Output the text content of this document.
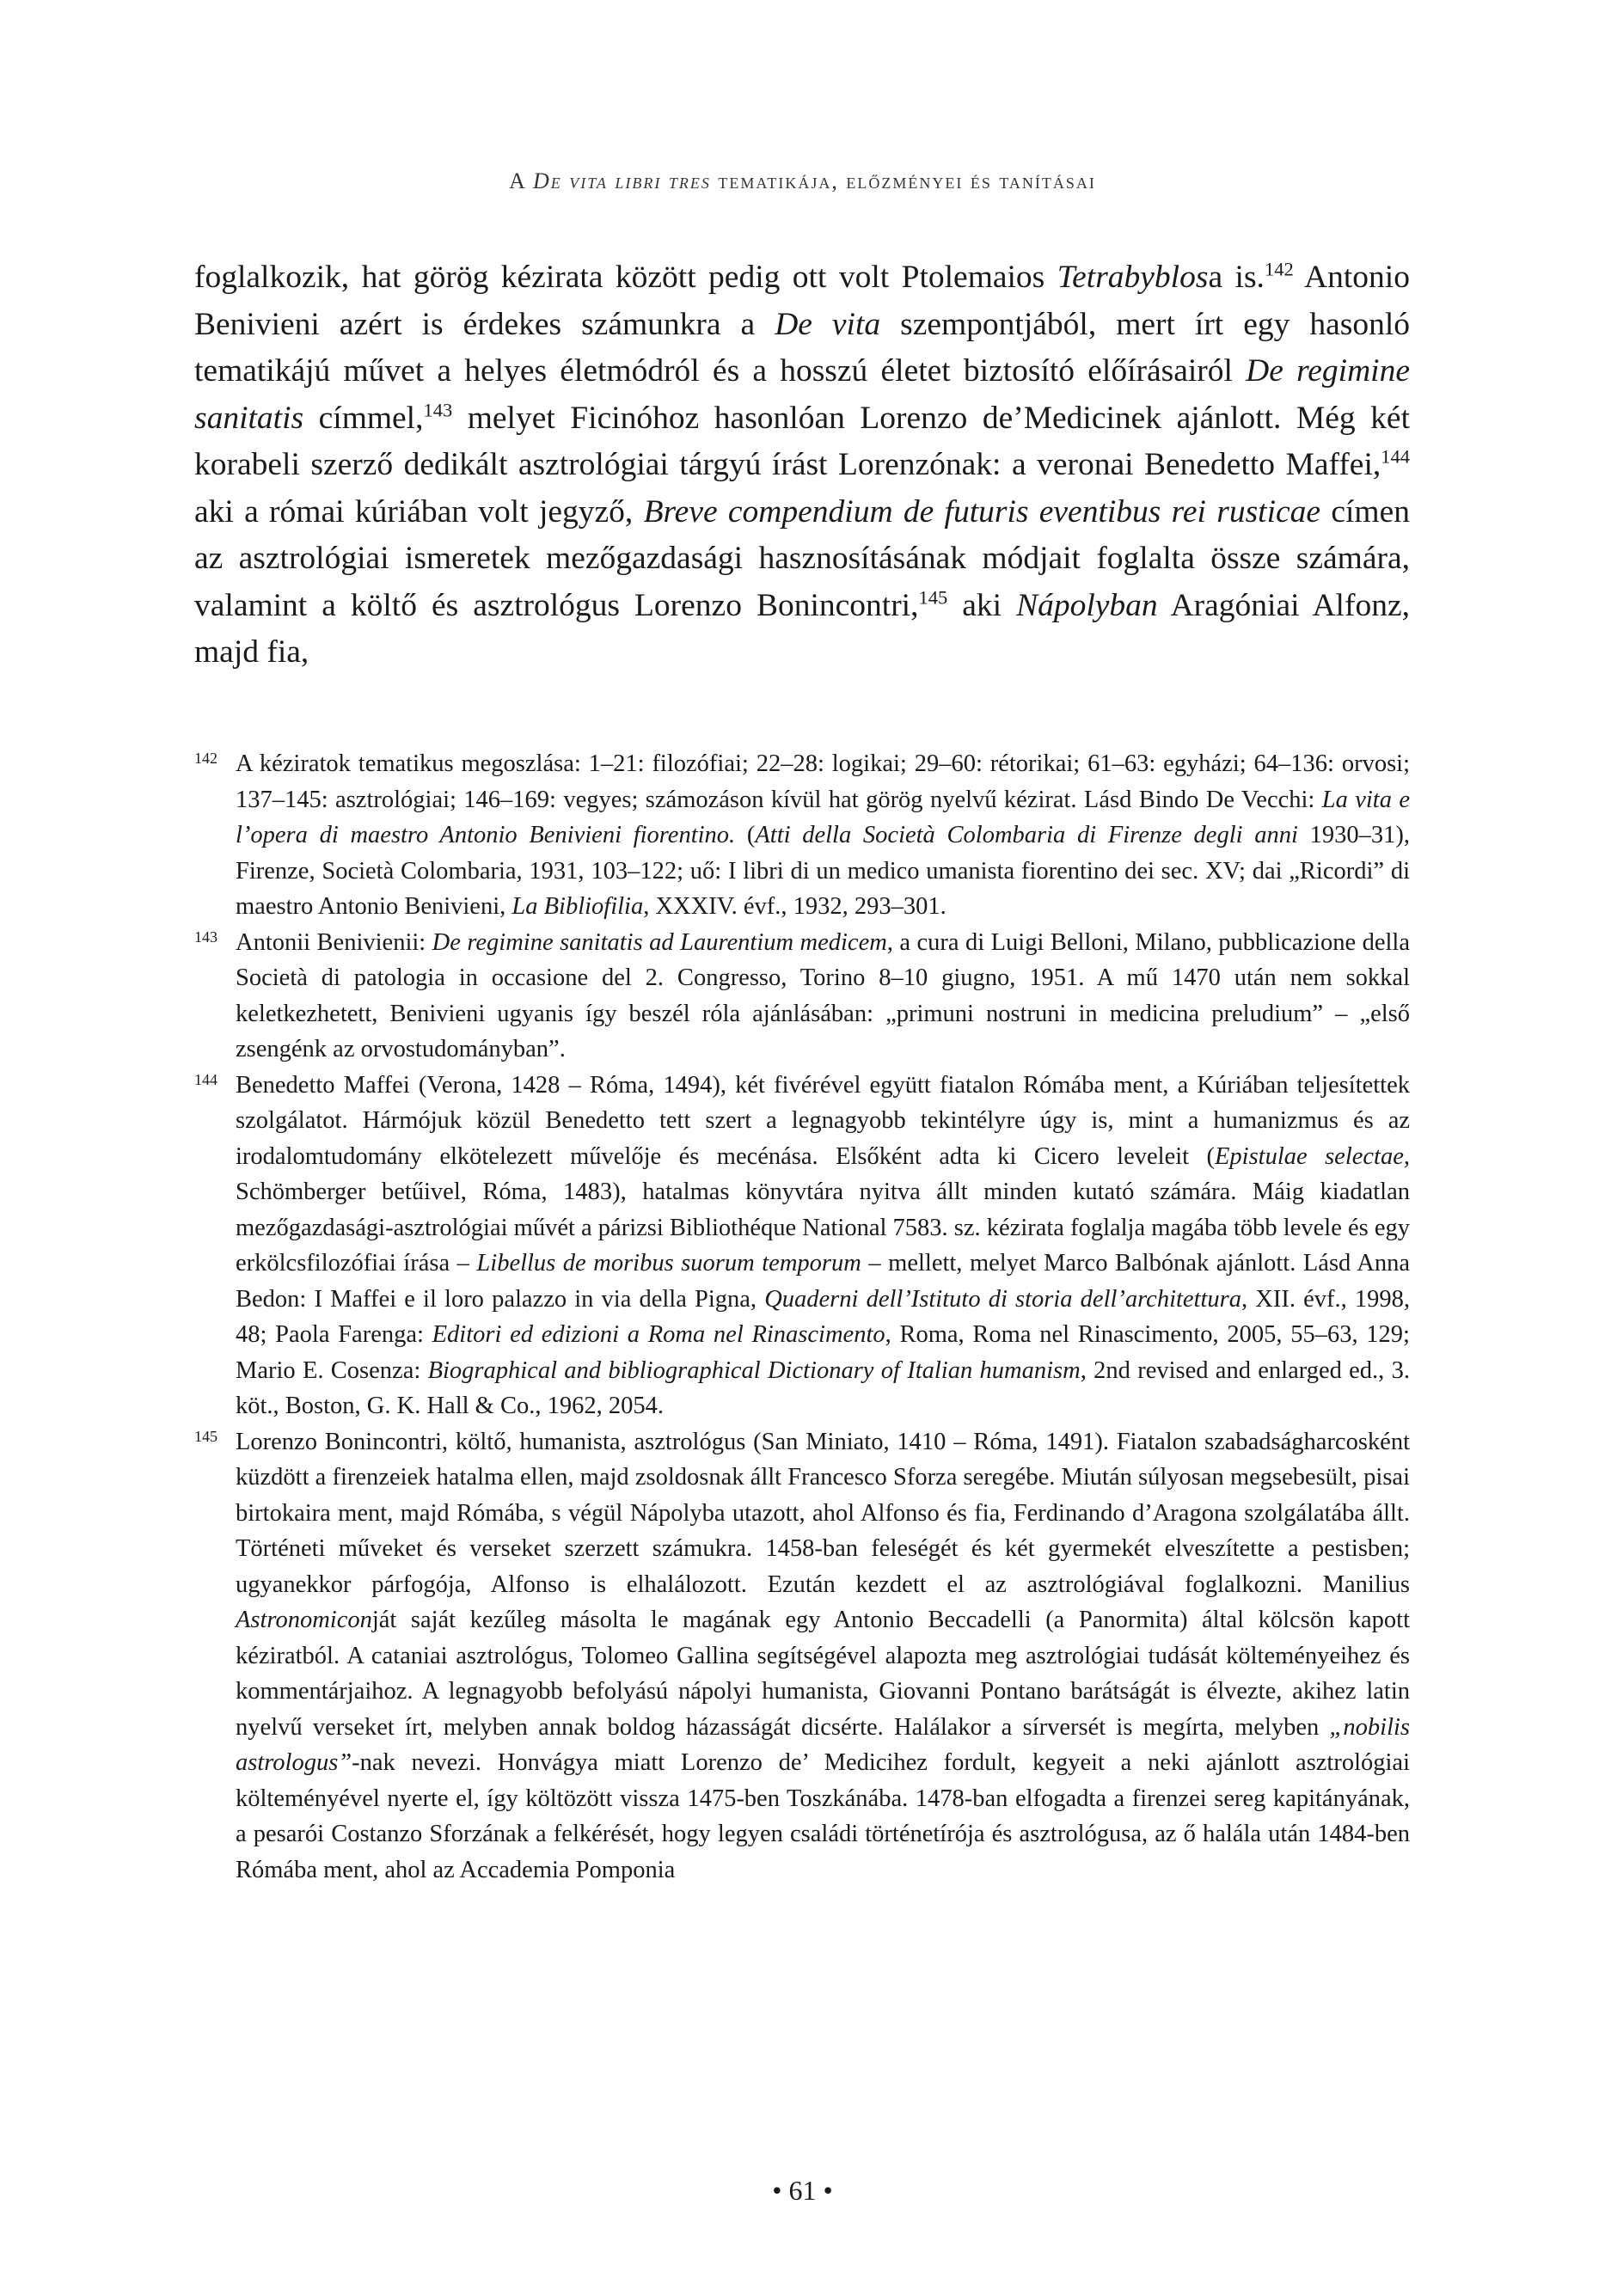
A De vita libri tres tematikája, előzményei és tanításai
foglalkozik, hat görög kézirata között pedig ott volt Ptolemaios Tetrabyblosa is.$^{142}$ Antonio Benivieni azért is érdekes számunkra a De vita szempontjából, mert írt egy hasonló tematikájú művet a helyes életmódról és a hosszú életet biztosító előírásairól De regimine sanitatis címmel,$^{143}$ melyet Ficinóhoz hasonlóan Lorenzo de’Medicinek ajánlott. Még két korabeli szerző dedikált asztrológiai tárgyú írást Lorenzónak: a veronai Benedetto Maffei,$^{144}$ aki a római kúriában volt jegyző, Breve compendium de futuris eventibus rei rusticae címen az asztrológiai ismeretek mezőgazdasági hasznosításának módjait foglalta össze számára, valamint a költő és asztrológus Lorenzo Bonincontri,$^{145}$ aki Nápolyban Aragóniai Alfonz, majd fia,

142 A kéziratok tematikus megoszlása: 1–21: filozófiai; 22–28: logikai; 29–60: rétorikai; 61–63: egyházi; 64–136: orvosi; 137–145: asztrológiai; 146–169: vegyes; számozáson kívül hat görög nyelvű kézirat. Lásd Bindo De Vecchi: La vita e l’opera di maestro Antonio Benivieni fiorentino. (Atti della Società Colombaria di Firenze degli anni 1930–31), Firenze, Società Colombaria, 1931, 103–122; uő: I libri di un medico umanista fiorentino dei sec. XV; dai „Ricordi” di maestro Antonio Benivieni, La Bibliofilia, XXXIV. évf., 1932, 293–301.

143 Antonii Benivienii: De regimine sanitatis ad Laurentium medicem, a cura di Luigi Belloni, Milano, pubblicazione della Società di patologia in occasione del 2. Congresso, Torino 8–10 giugno, 1951. A mű 1470 után nem sokkal keletkezhetett, Benivieni ugyanis így beszél róla ajánlásában: „primuni nostruni in medicina preludium” – „első zsengénk az orvostudományban”.

144 Benedetto Maffei (Verona, 1428 – Róma, 1494), két fivérével együtt fiatalon Rómába ment, a Kúriában teljesítettek szolgálatot. Hármójuk közül Benedetto tett szert a legnagyobb tekintélyre úgy is, mint a humanizmus és az irodalomtudomány elkötelezett művelője és mecénása. Elsőként adta ki Cicero leveleit (Epistulae selectae, Schömberger betűivel, Róma, 1483), hatalmas könyvtára nyitva állt minden kutató számára. Máig kiadatlan mezőgazdasági-asztrológiai művét a párizsi Bibliothéque National 7583. sz. kézirata foglalja magába több levele és egy erkölcsfilozófiai írása – Libellus de moribus suorum temporum – mellett, melyet Marco Balbónak ajánlott. Lásd Anna Bedon: I Maffei e il loro palazzo in via della Pigna, Quaderni dell’Istituto di storia dell’architettura, XII. évf., 1998, 48; Paola Farenga: Editori ed edizioni a Roma nel Rinascimento, Roma, Roma nel Rinascimento, 2005, 55–63, 129; Mario E. Cosenza: Biographical and bibliographical Dictionary of Italian humanism, 2nd revised and enlarged ed., 3. köt., Boston, G. K. Hall & Co., 1962, 2054.

145 Lorenzo Bonincontri, költő, humanista, asztrológus (San Miniato, 1410 – Róma, 1491). Fiatalon szabadságharcosként küzdött a firenzeiek hatalma ellen, majd zsoldosnak állt Francesco Sforza seregébe. Miután súlyosan megsebesült, pisai birtokaira ment, majd Rómába, s végül Nápolyba utazott, ahol Alfonso és fia, Ferdinando d’Aragona szolgálatába állt. Történeti műveket és verseket szerzett számukra. 1458-ban feleségét és két gyermekét elveszítette a pestisben; ugyanekkor párfogója, Alfonso is elhalálozott. Ezután kezdett el az asztrológiával foglalkozni. Manilius Astronomiconját saját kezűleg másolta le magának egy Antonio Beccadelli (a Panormita) által kölcsön kapott kéziratból. A cataniai asztrológus, Tolomeo Gallina segítségével alapozta meg asztrológiai tudását költeményeihez és kommentárjaihoz. A legnagyobb befolyású nápolyi humanista, Giovanni Pontano barátságát is élvezte, akihez latin nyelvű verseket írt, melyben annak boldog házasságát dicsérte. Halálakor a sírversét is megírta, melyben „nobilis astrologus”-nak nevezi. Honvágya miatt Lorenzo de’ Medicihez fordult, kegyeit a neki ajánlott asztrológiai költeményével nyerte el, így költözött vissza 1475-ben Toszkánába. 1478-ban elfogadta a firenzei sereg kapitányának, a pesarói Costanzo Sforzának a felkérését, hogy legyen családi történetírója és asztrológusa, az ő halála után 1484-ben Rómába ment, ahol az Accademia Pomponia

• 61 •
